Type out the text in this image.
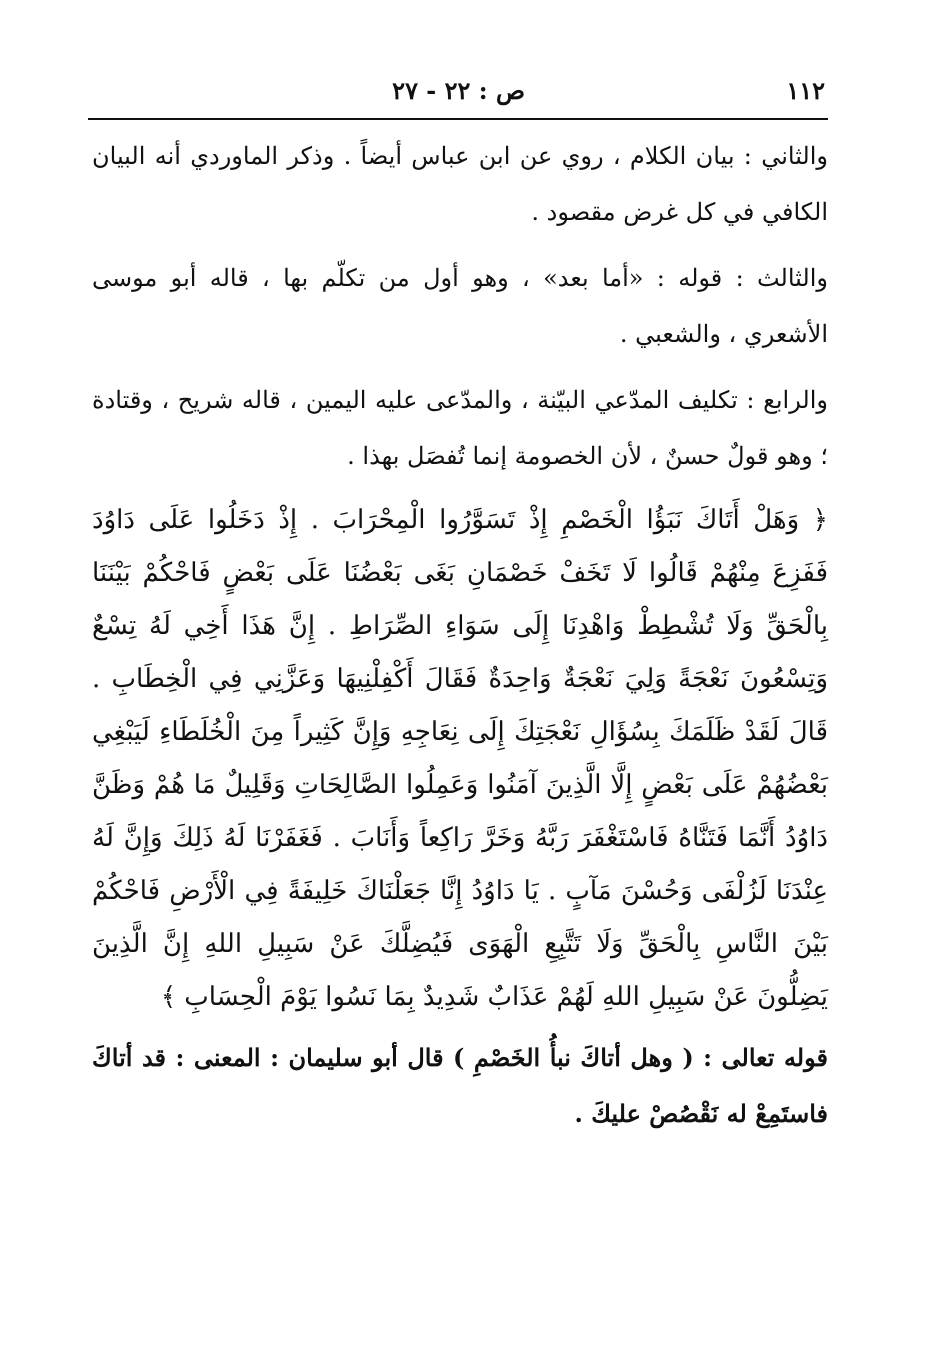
١١٢
ص : ٢٢ - ٢٧

والثاني : بيان الكلام ، روي عن ابن عباس أيضاً . وذكر الماوردي أنه البيان الكافي في كل غرض مقصود .

والثالث : قوله : «أما بعد» ، وهو أول من تكلّم بها ، قاله أبو موسى الأشعري ، والشعبي .

والرابع : تكليف المدّعي البيّنة ، والمدّعى عليه اليمين ، قاله شريح ، وقتادة ؛ وهو قولٌ حسنٌ ، لأن الخصومة إنما تُفصَل بهذا .

﴿ وَهَلْ أَتَاكَ نَبَؤُا الْخَصْمِ إِذْ تَسَوَّرُوا الْمِحْرَابَ . إِذْ دَخَلُوا عَلَى دَاوُدَ فَفَزِعَ مِنْهُمْ قَالُوا لَا تَخَفْ خَصْمَانِ بَغَى بَعْضُنَا عَلَى بَعْضٍ فَاحْكُمْ بَيْنَنَا بِالْحَقِّ وَلَا تُشْطِطْ وَاهْدِنَا إِلَى سَوَاءِ الصِّرَاطِ . إِنَّ هَذَا أَخِي لَهُ تِسْعٌ وَتِسْعُونَ نَعْجَةً وَلِيَ نَعْجَةٌ وَاحِدَةٌ فَقَالَ أَكْفِلْنِيهَا وَعَزَّنِي فِي الْخِطَابِ . قَالَ لَقَدْ ظَلَمَكَ بِسُؤَالِ نَعْجَتِكَ إِلَى نِعَاجِهِ وَإِنَّ كَثِيراً مِنَ الْخُلَطَاءِ لَيَبْغِي بَعْضُهُمْ عَلَى بَعْضٍ إِلَّا الَّذِينَ آمَنُوا وَعَمِلُوا الصَّالِحَاتِ وَقَلِيلٌ مَا هُمْ وَظَنَّ دَاوُدُ أَنَّمَا فَتَنَّاهُ فَاسْتَغْفَرَ رَبَّهُ وَخَرَّ رَاكِعاً وَأَنَابَ . فَغَفَرْنَا لَهُ ذَلِكَ وَإِنَّ لَهُ عِنْدَنَا لَزُلْفَى وَحُسْنَ مَآبٍ . يَا دَاوُدُ إِنَّا جَعَلْنَاكَ خَلِيفَةً فِي الْأَرْضِ فَاحْكُمْ بَيْنَ النَّاسِ بِالْحَقِّ وَلَا تَتَّبِعِ الْهَوَى فَيُضِلَّكَ عَنْ سَبِيلِ اللهِ إِنَّ الَّذِينَ يَضِلُّونَ عَنْ سَبِيلِ اللهِ لَهُمْ عَذَابٌ شَدِيدٌ بِمَا نَسُوا يَوْمَ الْحِسَابِ ﴾

قوله تعالى : ( وهل أتاكَ نبأُ الخَصْمِ ) قال أبو سليمان : المعنى : قد أتاكَ فاستَمِعْ له نَقْصُصْ عليكَ .
